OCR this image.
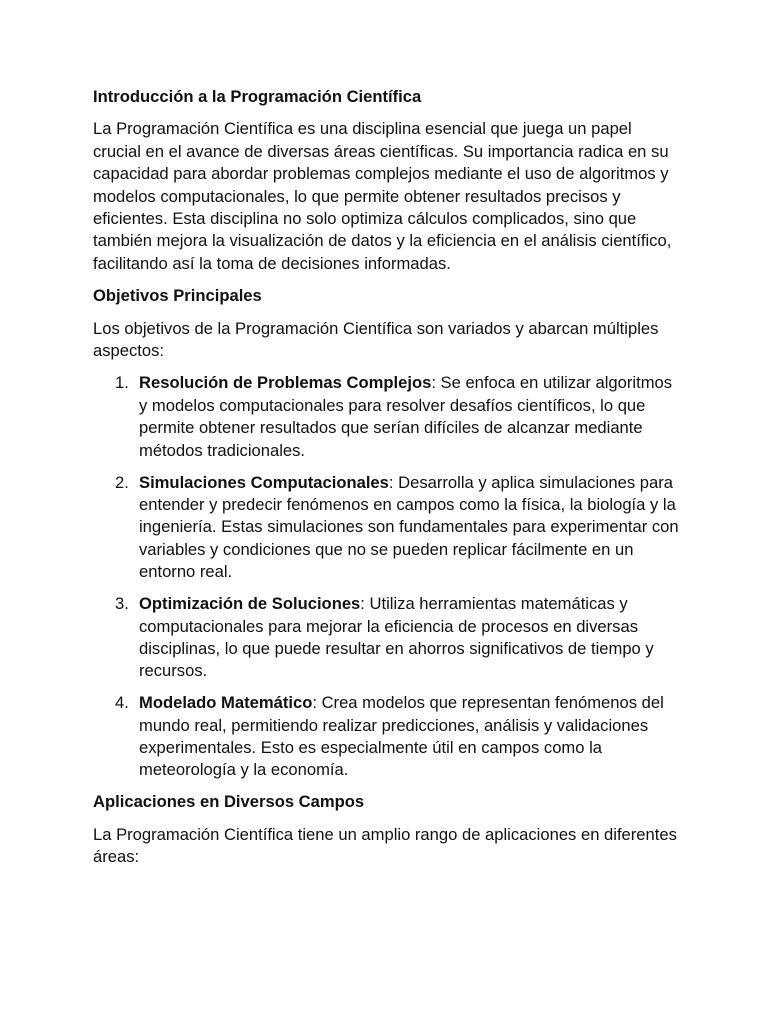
Introducción a la Programación Científica

La Programación Científica es una disciplina esencial que juega un papel crucial en el avance de diversas áreas científicas. Su importancia radica en su capacidad para abordar problemas complejos mediante el uso de algoritmos y modelos computacionales, lo que permite obtener resultados precisos y eficientes. Esta disciplina no solo optimiza cálculos complicados, sino que también mejora la visualización de datos y la eficiencia en el análisis científico, facilitando así la toma de decisiones informadas.

Objetivos Principales

Los objetivos de la Programación Científica son variados y abarcan múltiples aspectos:

1. Resolución de Problemas Complejos: Se enfoca en utilizar algoritmos y modelos computacionales para resolver desafíos científicos, lo que permite obtener resultados que serían difíciles de alcanzar mediante métodos tradicionales.
2. Simulaciones Computacionales: Desarrolla y aplica simulaciones para entender y predecir fenómenos en campos como la física, la biología y la ingeniería. Estas simulaciones son fundamentales para experimentar con variables y condiciones que no se pueden replicar fácilmente en un entorno real.
3. Optimización de Soluciones: Utiliza herramientas matemáticas y computacionales para mejorar la eficiencia de procesos en diversas disciplinas, lo que puede resultar en ahorros significativos de tiempo y recursos.
4. Modelado Matemático: Crea modelos que representan fenómenos del mundo real, permitiendo realizar predicciones, análisis y validaciones experimentales. Esto es especialmente útil en campos como la meteorología y la economía.
Aplicaciones en Diversos Campos

La Programación Científica tiene un amplio rango de aplicaciones en diferentes áreas:
